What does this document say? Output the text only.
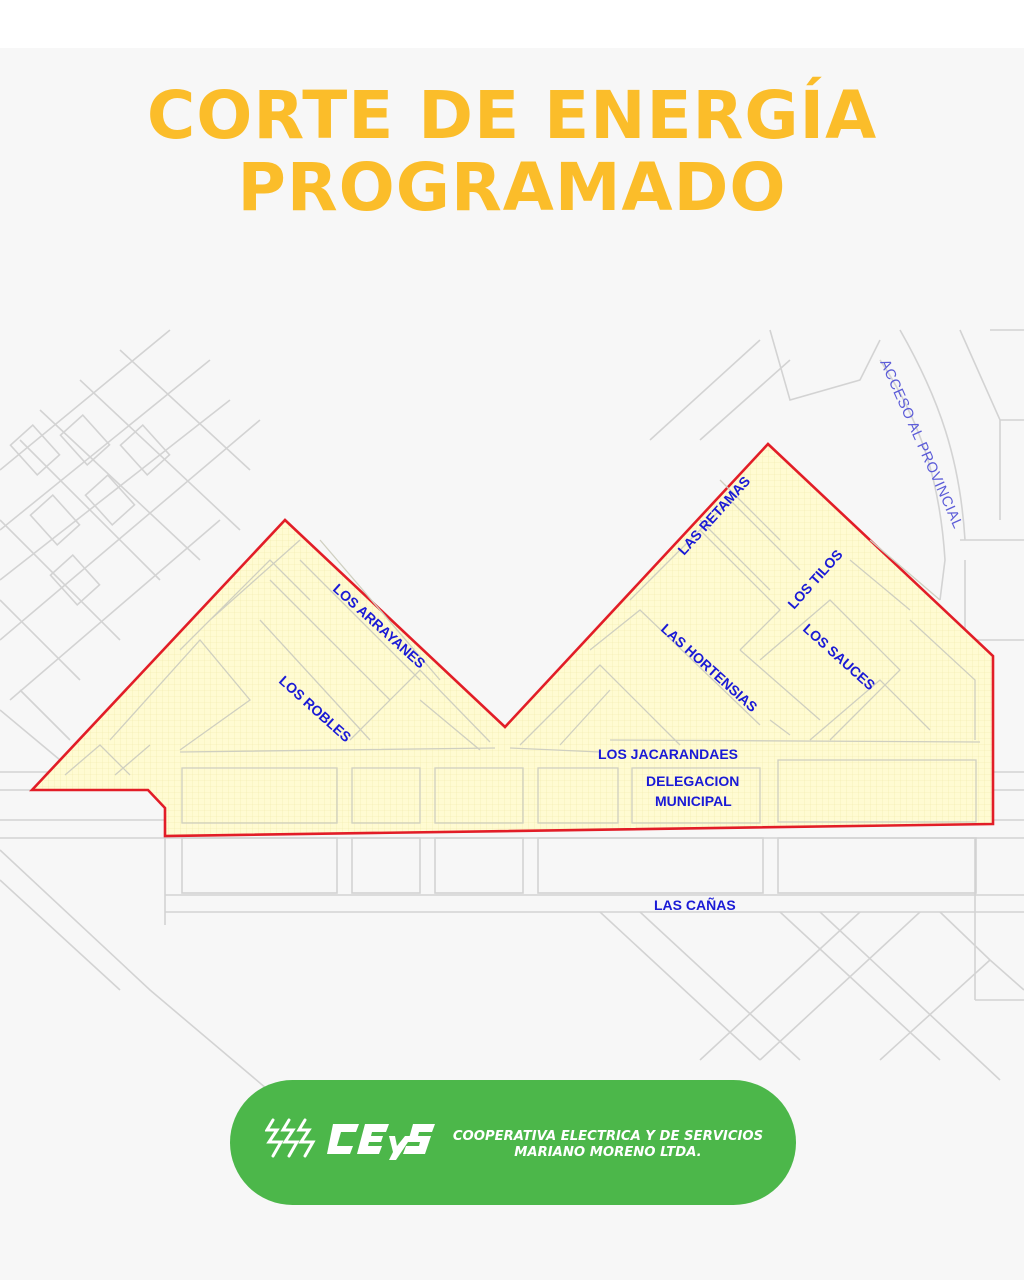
CORTE DE ENERGÍA
PROGRAMADO
LOS ARRAYANES
LOS ROBLES
LAS RETAMAS
LOS TILOS
LAS HORTENSIAS	LOS SAUCES
LOS JACARANDAES
DELEGACION
MUNICIPAL
LAS CAÑAS
ACCESO AL PROVINCIAL
COOPERATIVA ELECTRICA Y DE SERVICIOS
MARIANO MORENO LTDA.
